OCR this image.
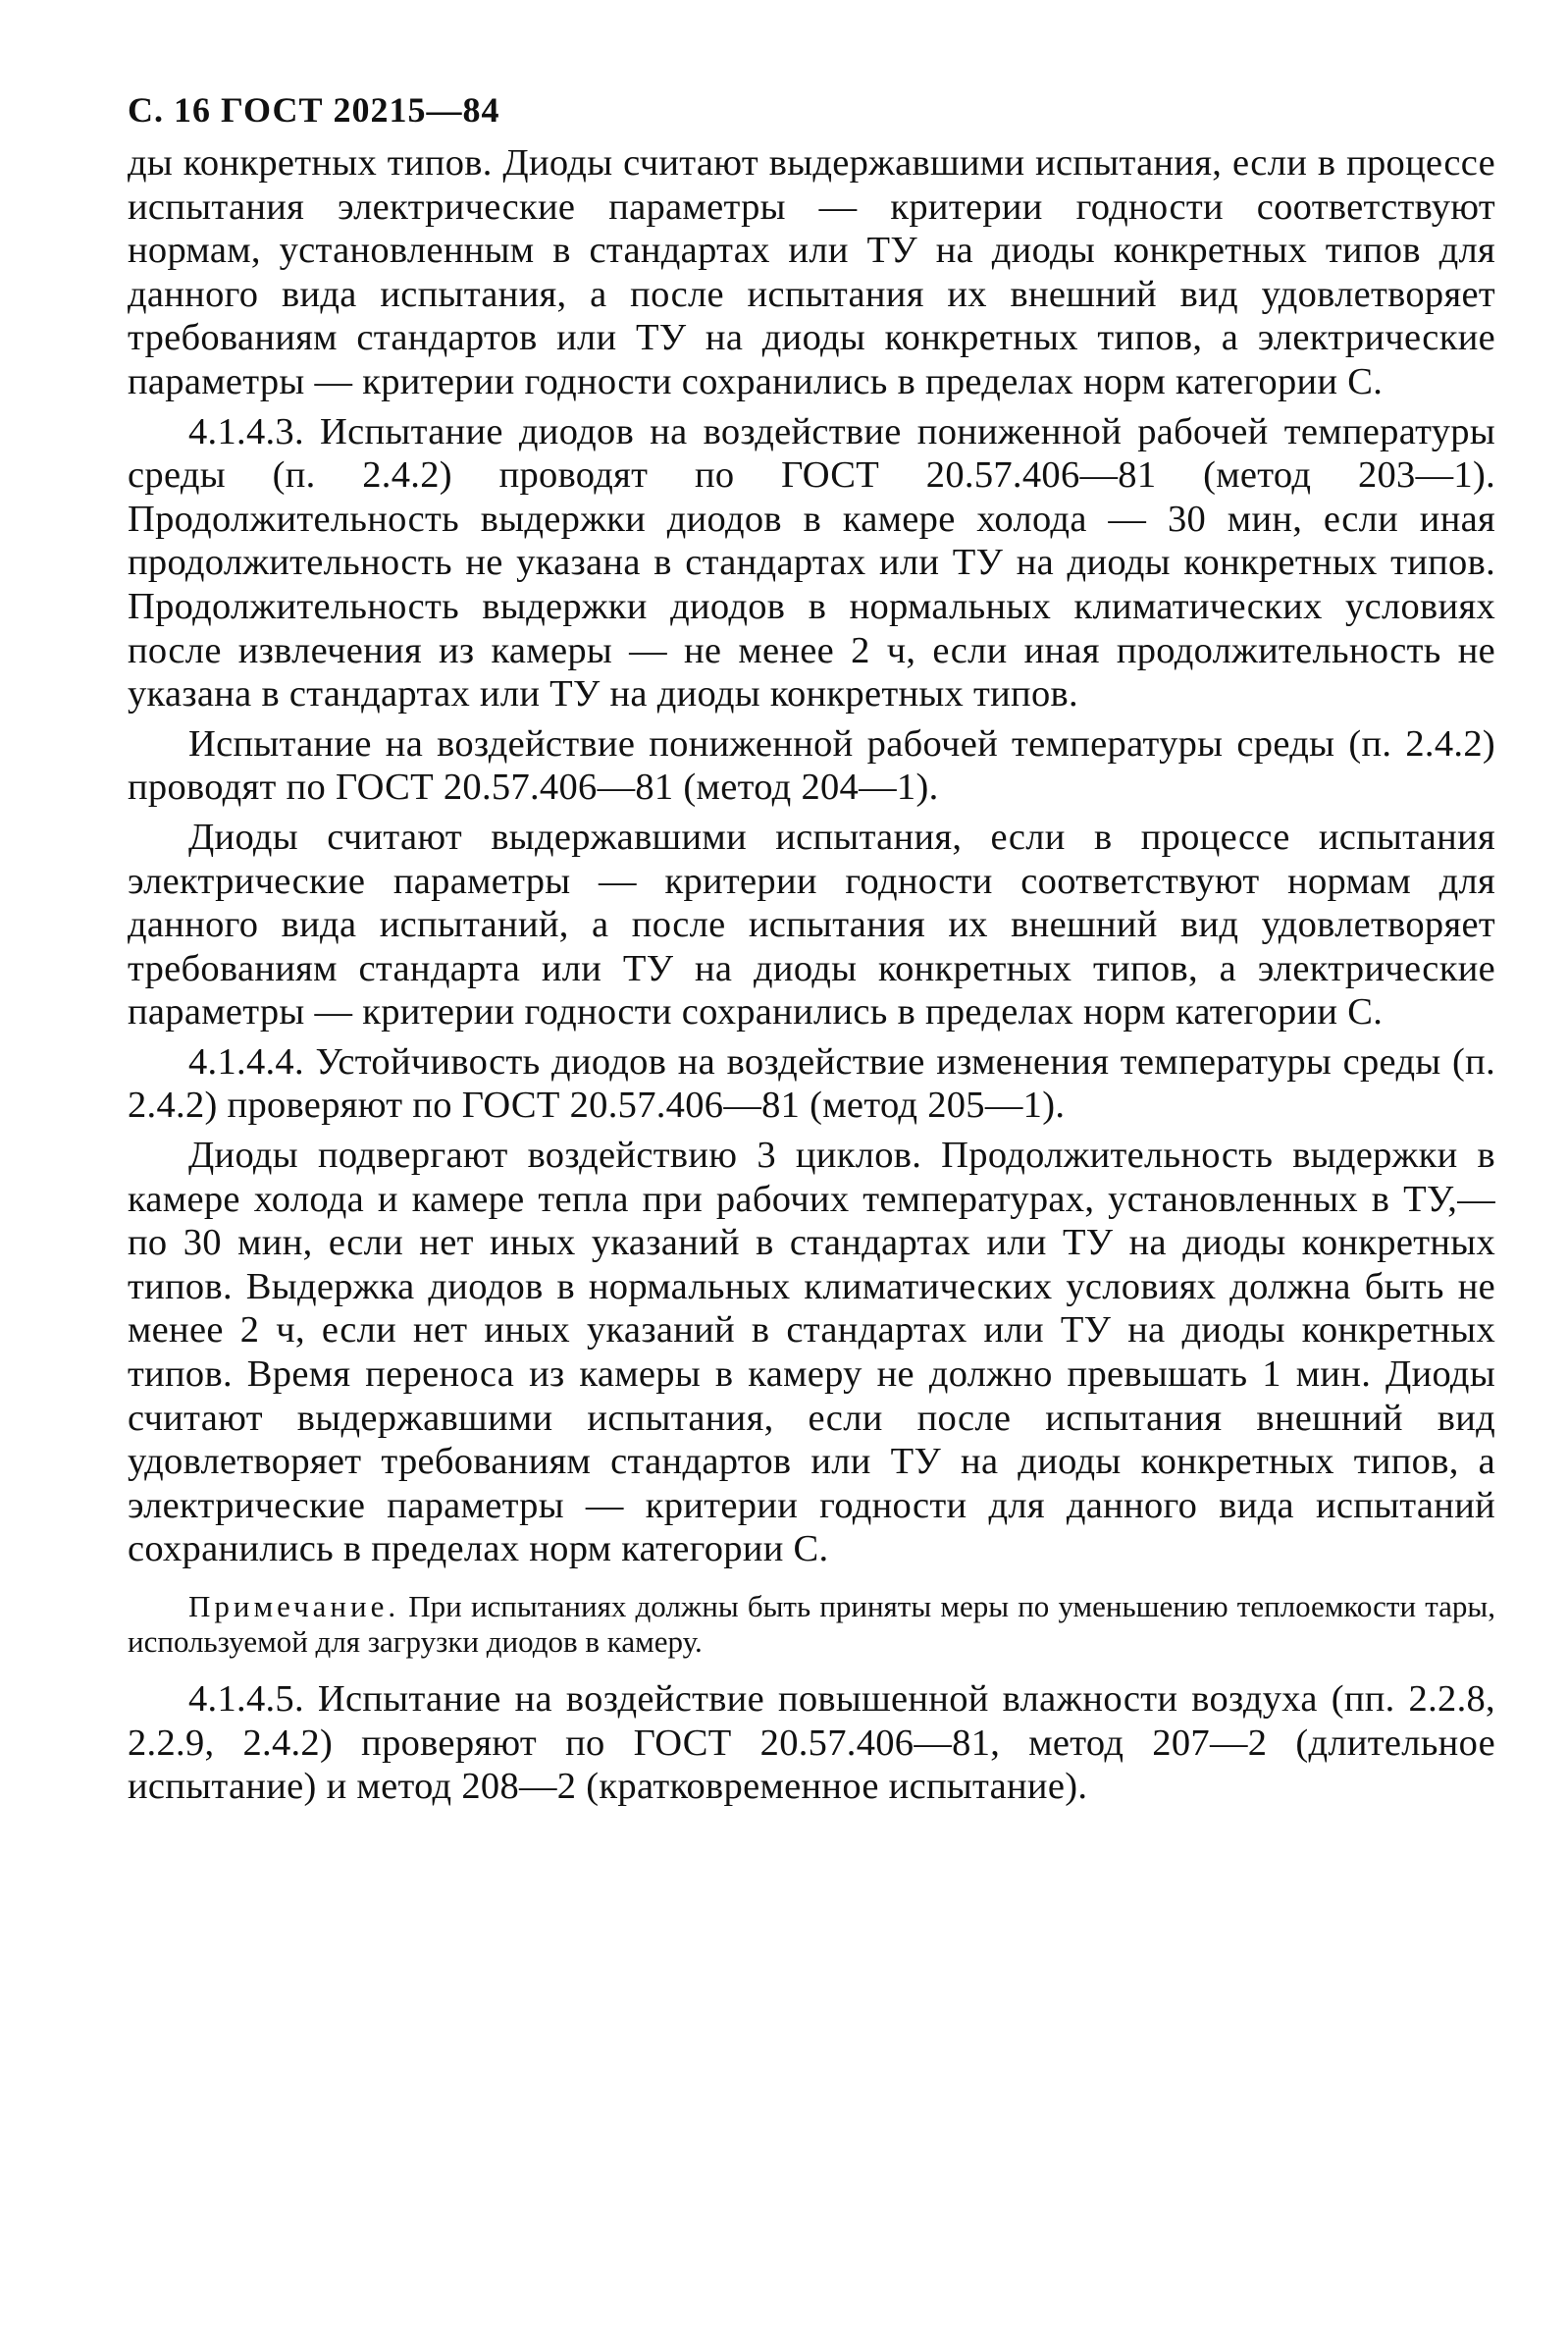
С. 16 ГОСТ 20215—84

ды конкретных типов. Диоды считают выдержавшими испытания, если в процессе испытания электрические параметры — критерии годности соответствуют нормам, установленным в стандартах или ТУ на диоды конкретных типов для данного вида испытания, а после испытания их внешний вид удовлетворяет требованиям стандартов или ТУ на диоды конкретных типов, а электрические параметры — критерии годности сохранились в пределах норм категории С.

4.1.4.3. Испытание диодов на воздействие пониженной рабочей температуры среды (п. 2.4.2) проводят по ГОСТ 20.57.406—81 (метод 203—1). Продолжительность выдержки диодов в камере холода — 30 мин, если иная продолжительность не указана в стандартах или ТУ на диоды конкретных типов. Продолжительность выдержки диодов в нормальных климатических условиях после извлечения из камеры — не менее 2 ч, если иная продолжительность не указана в стандартах или ТУ на диоды конкретных типов.

Испытание на воздействие пониженной рабочей температуры среды (п. 2.4.2) проводят по ГОСТ 20.57.406—81 (метод 204—1).

Диоды считают выдержавшими испытания, если в процессе испытания электрические параметры — критерии годности соответствуют нормам для данного вида испытаний, а после испытания их внешний вид удовлетворяет требованиям стандарта или ТУ на диоды конкретных типов, а электрические параметры — критерии годности сохранились в пределах норм категории С.

4.1.4.4. Устойчивость диодов на воздействие изменения температуры среды (п. 2.4.2) проверяют по ГОСТ 20.57.406—81 (метод 205—1).

Диоды подвергают воздействию 3 циклов. Продолжительность выдержки в камере холода и камере тепла при рабочих температурах, установленных в ТУ,— по 30 мин, если нет иных указаний в стандартах или ТУ на диоды конкретных типов. Выдержка диодов в нормальных климатических условиях должна быть не менее 2 ч, если нет иных указаний в стандартах или ТУ на диоды конкретных типов. Время переноса из камеры в камеру не должно превышать 1 мин. Диоды считают выдержавшими испытания, если после испытания внешний вид удовлетворяет требованиям стандартов или ТУ на диоды конкретных типов, а электрические параметры — критерии годности для данного вида испытаний сохранились в пределах норм категории С.

Примечание. При испытаниях должны быть приняты меры по уменьшению теплоемкости тары, используемой для загрузки диодов в камеру.

4.1.4.5. Испытание на воздействие повышенной влажности воздуха (пп. 2.2.8, 2.2.9, 2.4.2) проверяют по ГОСТ 20.57.406—81, метод 207—2 (длительное испытание) и метод 208—2 (кратковременное испытание).
